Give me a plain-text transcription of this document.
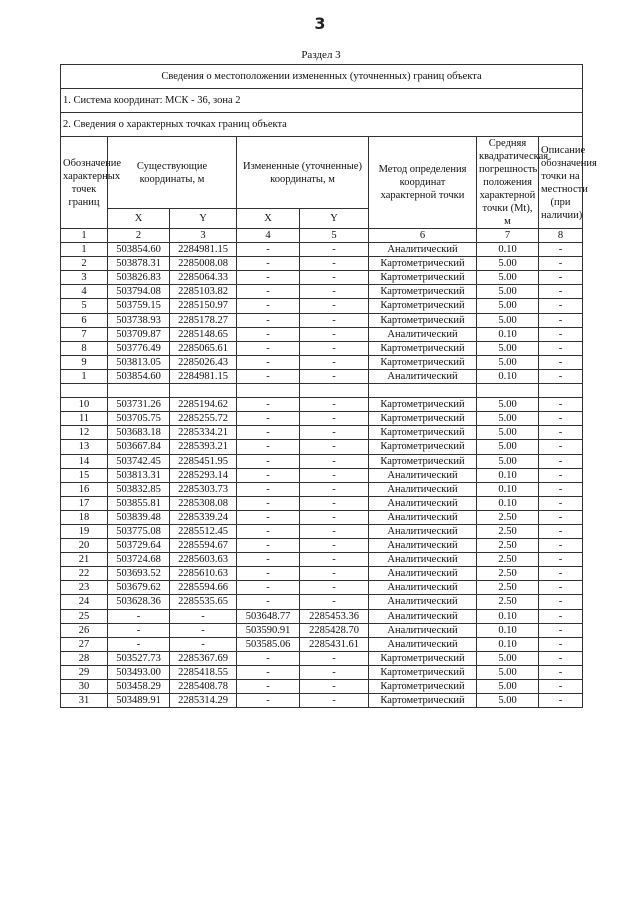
3
Раздел 3
Сведения о местоположении измененных (уточненных) границ объекта							
1. Система координат: МСК - 36, зона 2							
2. Сведения о характерных точках границ объекта							
Обозначение характерных точек границ	Существующие координаты, м		Измененные (уточненные) координаты, м		Метод определения координат характерной точки	Средняя квадратическая погрешность положения характерной точки (Mt), м	Описание обозначения точки на местности (при наличии)
	X	Y	X	Y			
1	2	3	4	5	6	7	8
1	503854.60	2284981.15	-	-	Аналитический	0.10	-
2	503878.31	2285008.08	-	-	Картометрический	5.00	-
3	503826.83	2285064.33	-	-	Картометрический	5.00	-
4	503794.08	2285103.82	-	-	Картометрический	5.00	-
5	503759.15	2285150.97	-	-	Картометрический	5.00	-
6	503738.93	2285178.27	-	-	Картометрический	5.00	-
7	503709.87	2285148.65	-	-	Аналитический	0.10	-
8	503776.49	2285065.61	-	-	Картометрический	5.00	-
9	503813.05	2285026.43	-	-	Картометрический	5.00	-
1	503854.60	2284981.15	-	-	Аналитический	0.10	-

10	503731.26	2285194.62	-	-	Картометрический	5.00	-
11	503705.75	2285255.72	-	-	Картометрический	5.00	-
12	503683.18	2285334.21	-	-	Картометрический	5.00	-
13	503667.84	2285393.21	-	-	Картометрический	5.00	-
14	503742.45	2285451.95	-	-	Картометрический	5.00	-
15	503813.31	2285293.14	-	-	Аналитический	0.10	-
16	503832.85	2285303.73	-	-	Аналитический	0.10	-
17	503855.81	2285308.08	-	-	Аналитический	0.10	-
18	503839.48	2285339.24	-	-	Аналитический	2.50	-
19	503775.08	2285512.45	-	-	Аналитический	2.50	-
20	503729.64	2285594.67	-	-	Аналитический	2.50	-
21	503724.68	2285603.63	-	-	Аналитический	2.50	-
22	503693.52	2285610.63	-	-	Аналитический	2.50	-
23	503679.62	2285594.66	-	-	Аналитический	2.50	-
24	503628.36	2285535.65	-	-	Аналитический	2.50	-
25	-	-	503648.77	2285453.36	Аналитический	0.10	-
26	-	-	503590.91	2285428.70	Аналитический	0.10	-
27	-	-	503585.06	2285431.61	Аналитический	0.10	-
28	503527.73	2285367.69	-	-	Картометрический	5.00	-
29	503493.00	2285418.55	-	-	Картометрический	5.00	-
30	503458.29	2285408.78	-	-	Картометрический	5.00	-
31	503489.91	2285314.29	-	-	Картометрический	5.00	-
